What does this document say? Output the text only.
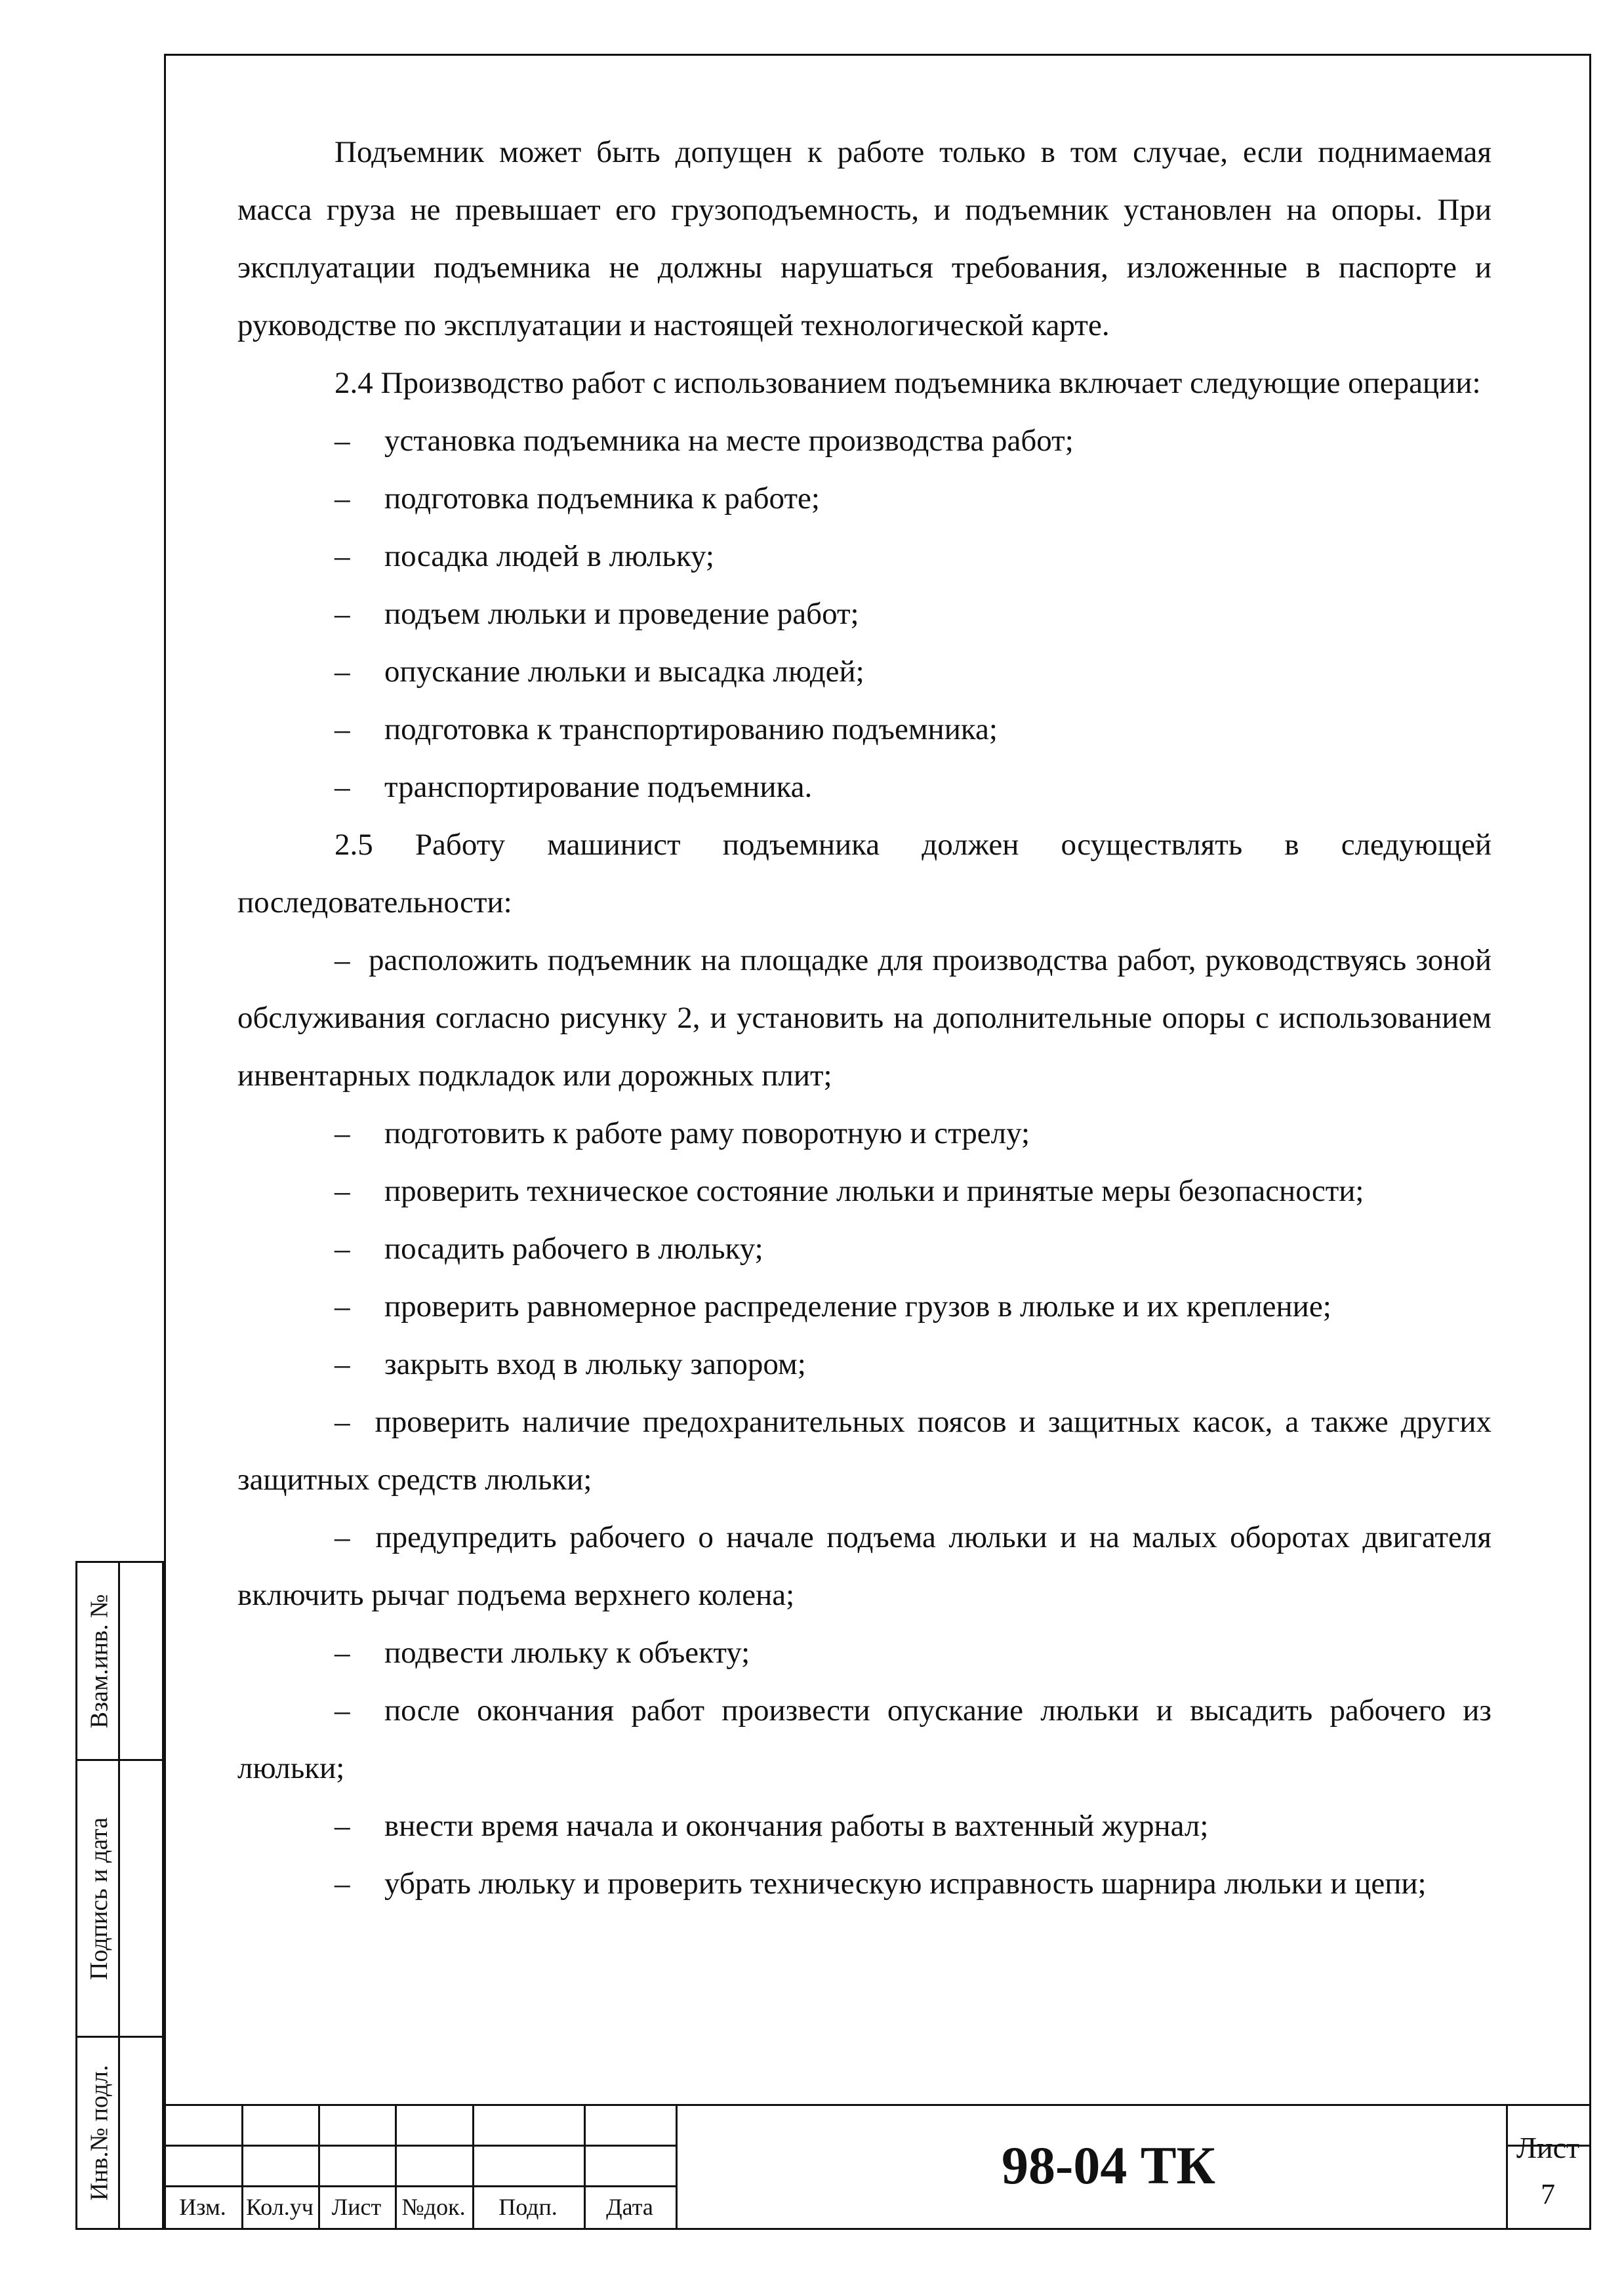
Подъемник может быть допущен к работе только в том случае, если поднимаемая масса груза не превышает его грузоподъемность, и подъемник установлен на опоры. При эксплуатации подъемника не должны нарушаться требования, изложенные в паспорте и руководстве по эксплуатации и настоящей технологической карте.

2.4 Производство работ с использованием подъемника включает следующие операции:

– установка подъемника на месте производства работ;

– подготовка подъемника к работе;

– посадка людей в люльку;

– подъем люльки и проведение работ;

– опускание люльки и высадка людей;

– подготовка к транспортированию подъемника;

– транспортирование подъемника.

2.5 Работу машинист подъемника должен осуществлять в следующей последовательности:

– расположить подъемник на площадке для производства работ, руководствуясь зоной обслуживания согласно рисунку 2, и установить на дополнительные опоры с использованием инвентарных подкладок или дорожных плит;

– подготовить к работе раму поворотную и стрелу;

– проверить техническое состояние люльки и принятые меры безопасности;

– посадить рабочего в люльку;

– проверить равномерное распределение грузов в люльке и их крепление;

– закрыть вход в люльку запором;

– проверить наличие предохранительных поясов и защитных касок, а также других защитных средств люльки;

– предупредить рабочего о начале подъема люльки и на малых оборотах двигателя включить рычаг подъема верхнего колена;

– подвести люльку к объекту;

– после окончания работ произвести опускание люльки и высадить рабочего из люльки;

– внести время начала и окончания работы в вахтенный журнал;

– убрать люльку и проверить техническую исправность шарнира люльки и цепи;

Взам.инв. №
Подпись и дата
Инв.№ подл.
Изм. Кол.уч Лист №док.	Подп.	Дата
98-04 ТК	Лист
7
